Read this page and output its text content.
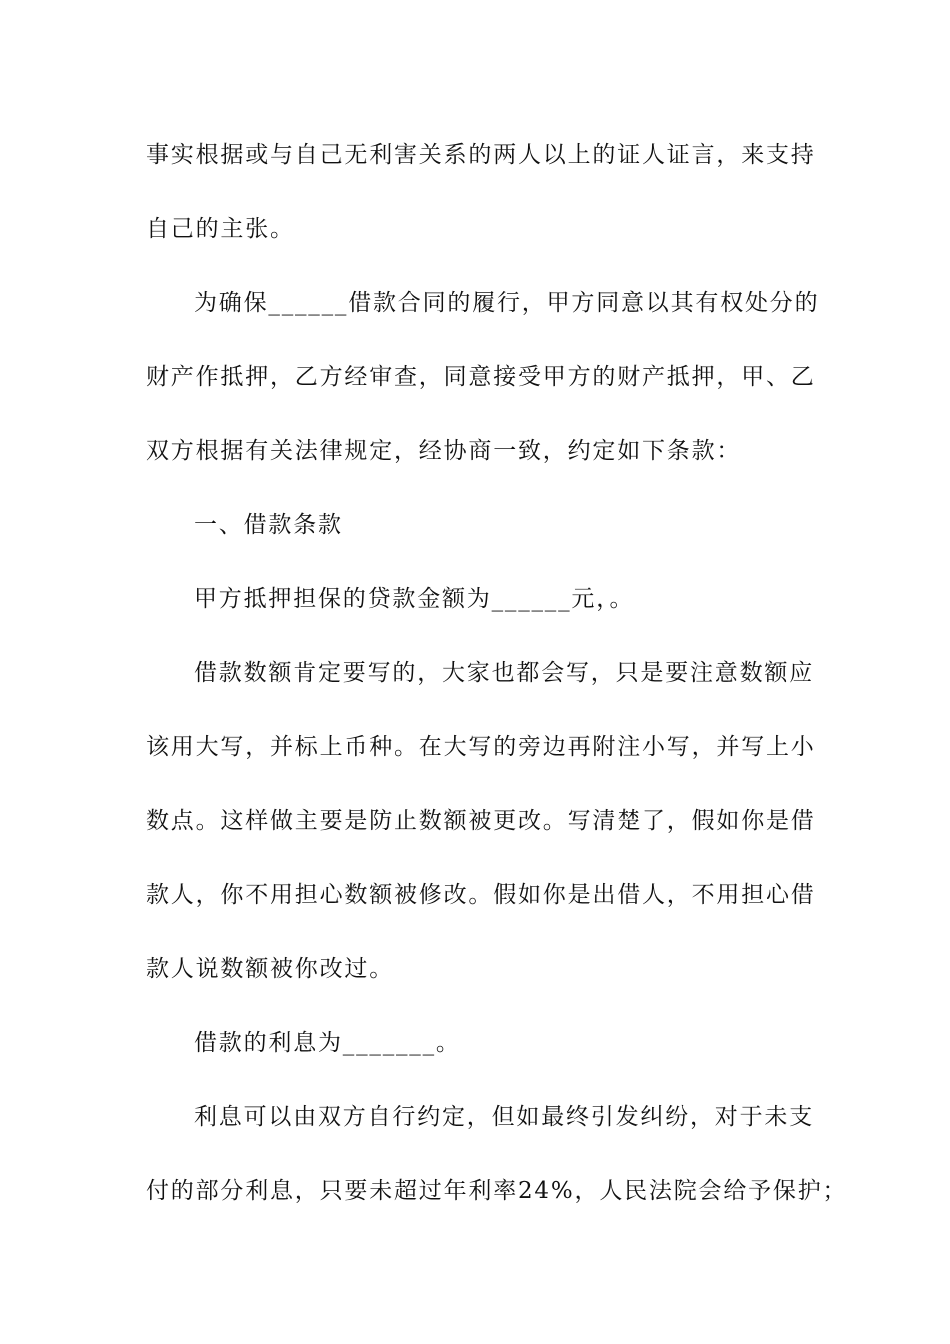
事实根据或与自己无利害关系的两人以上的证人证言，来支持
自己的主张。
为确保______借款合同的履行，甲方同意以其有权处分的
财产作抵押，乙方经审查，同意接受甲方的财产抵押，甲、乙
双方根据有关法律规定，经协商一致，约定如下条款：
一、借款条款
甲方抵押担保的贷款金额为______元，。
借款数额肯定要写的，大家也都会写，只是要注意数额应
该用大写，并标上币种。在大写的旁边再附注小写，并写上小
数点。这样做主要是防止数额被更改。写清楚了，假如你是借
款人，你不用担心数额被修改。假如你是出借人，不用担心借
款人说数额被你改过。
借款的利息为_______。
利息可以由双方自行约定，但如最终引发纠纷，对于未支
付的部分利息，只要未超过年利率24%，人民法院会给予保护；
